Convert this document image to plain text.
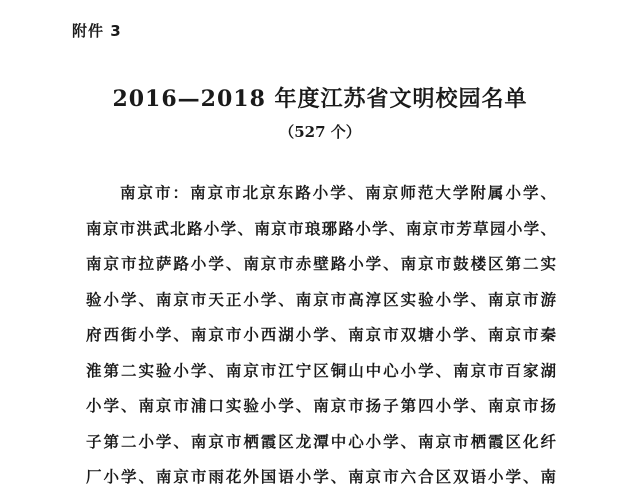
附件 3
2016—2018 年度江苏省文明校园名单
（527 个）
南京市：南京市北京东路小学、南京师范大学附属小学、
南京市洪武北路小学、南京市琅琊路小学、南京市芳草园小学、
南京市拉萨路小学、南京市赤壁路小学、南京市鼓楼区第二实
验小学、南京市天正小学、南京市高淳区实验小学、南京市游
府西街小学、南京市小西湖小学、南京市双塘小学、南京市秦
淮第二实验小学、南京市江宁区铜山中心小学、南京市百家湖
小学、南京市浦口实验小学、南京市扬子第四小学、南京市扬
子第二小学、南京市栖霞区龙潭中心小学、南京市栖霞区化纤
厂小学、南京市雨花外国语小学、南京市六合区双语小学、南
